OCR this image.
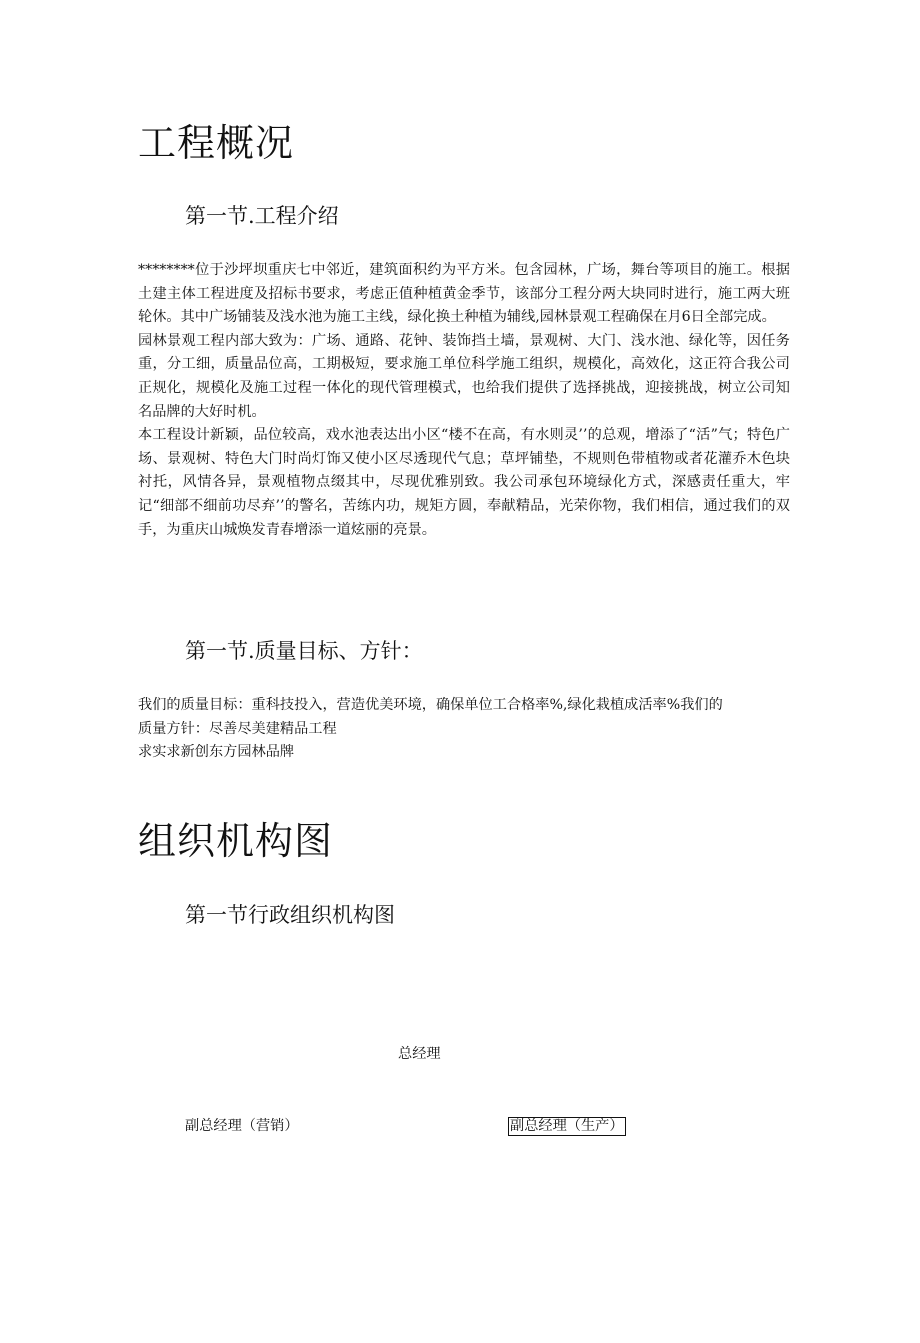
工程概况
第一节.工程介绍

********位于沙坪坝重庆七中邻近，建筑面积约为平方米。包含园林，广场，舞台等项目的施工。根据土建主体工程进度及招标书要求，考虑正值种植黄金季节，该部分工程分两大块同时进行，施工两大班轮休。其中广场铺装及浅水池为施工主线，绿化换土种植为辅线,园林景观工程确保在月6日全部完成。

园林景观工程内部大致为：广场、通路、花钟、装饰挡土墙，景观树、大门、浅水池、绿化等，因任务重，分工细，质量品位高，工期极短，要求施工单位科学施工组织，规模化，高效化，这正符合我公司正规化，规模化及施工过程一体化的现代管理模式，也给我们提供了选择挑战，迎接挑战，树立公司知名品牌的大好时机。

本工程设计新颖，品位较高，戏水池表达出小区“楼不在高，有水则灵’’的总观，增添了“活”气；特色广场、景观树、特色大门时尚灯饰又使小区尽透现代气息；草坪铺垫，不规则色带植物或者花灌乔木色块衬托，风情各异，景观植物点缀其中，尽现优雅别致。我公司承包环境绿化方式，深感责任重大，牢记“细部不细前功尽弃’’的警名，苦练内功，规矩方圆，奉献精品，光荣你物，我们相信，通过我们的双手，为重庆山城焕发青春增添一道炫丽的亮景。

第一节.质量目标、方针：
我们的质量目标：重科技投入，营造优美环境，确保单位工合格率%,绿化栽植成活率%我们的
质量方针：尽善尽美建精品工程
求实求新创东方园林品牌
组织机构图
第一节行政组织机构图
总经理
副总经理（营销）	副总经理（生产）
